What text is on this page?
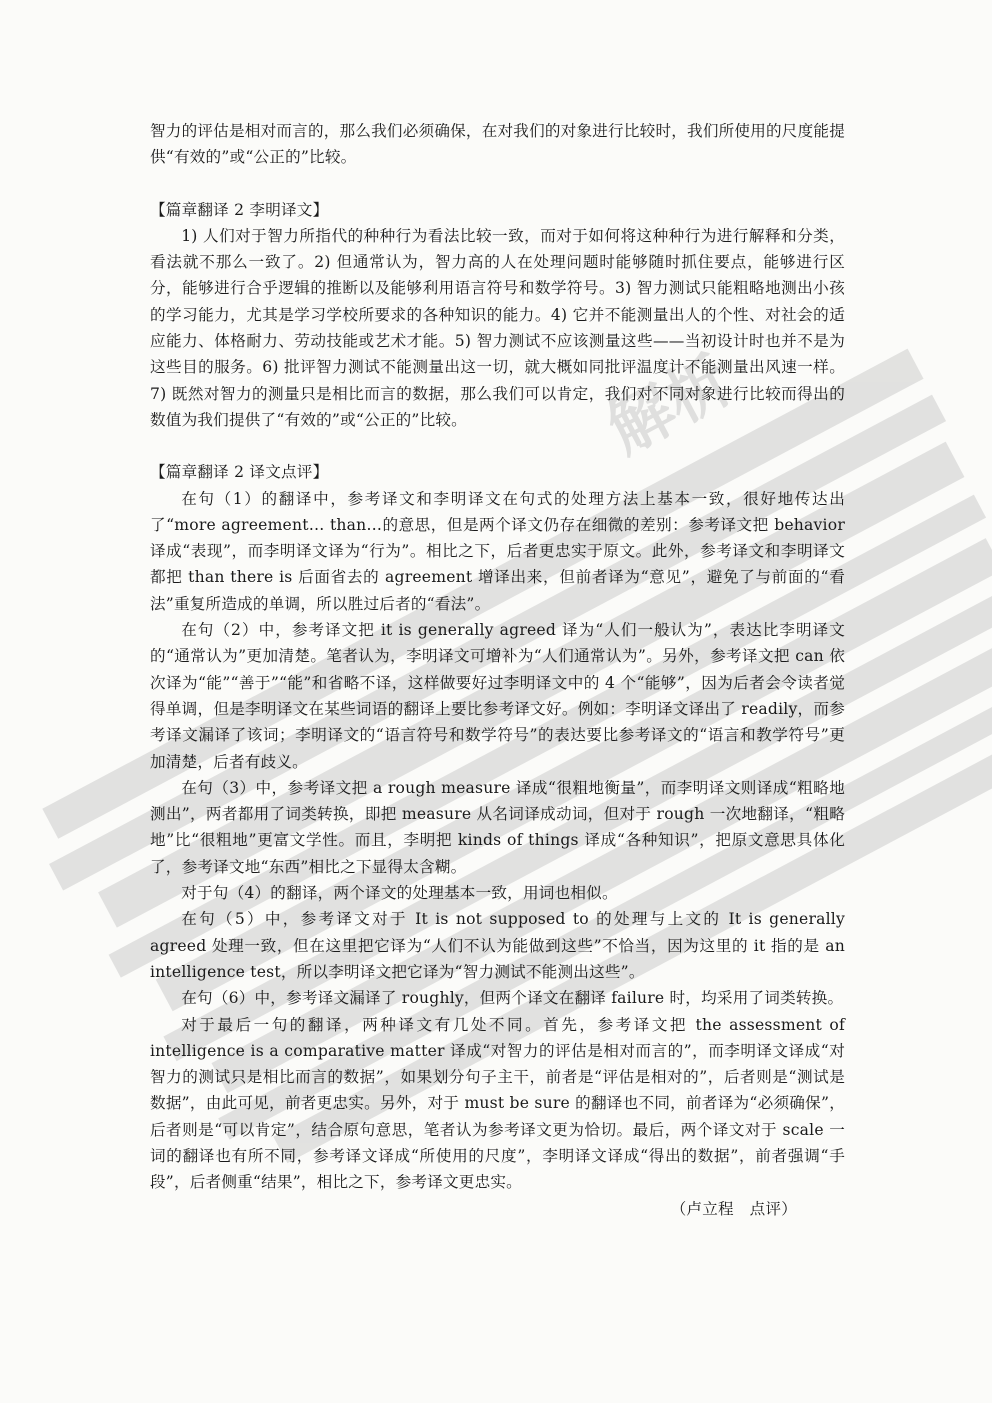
解析

智力的评估是相对而言的，那么我们必须确保，在对我们的对象进行比较时，我们所使用的尺度能提供“有效的”或“公正的”比较。

【篇章翻译 2 李明译文】

1) 人们对于智力所指代的种种行为看法比较一致，而对于如何将这种种行为进行解释和分类，看法就不那么一致了。2) 但通常认为，智力高的人在处理问题时能够随时抓住要点，能够进行区分，能够进行合乎逻辑的推断以及能够利用语言符号和数学符号。3) 智力测试只能粗略地测出小孩的学习能力，尤其是学习学校所要求的各种知识的能力。4) 它并不能测量出人的个性、对社会的适应能力、体格耐力、劳动技能或艺术才能。5) 智力测试不应该测量这些——当初设计时也并不是为这些目的服务。6) 批评智力测试不能测量出这一切，就大概如同批评温度计不能测量出风速一样。7) 既然对智力的测量只是相比而言的数据，那么我们可以肯定，我们对不同对象进行比较而得出的数值为我们提供了“有效的”或“公正的”比较。

【篇章翻译 2 译文点评】

在句（1）的翻译中，参考译文和李明译文在句式的处理方法上基本一致，很好地传达出了“more agreement… than…的意思，但是两个译文仍存在细微的差别：参考译文把 behavior 译成“表现”，而李明译文译为“行为”。相比之下，后者更忠实于原文。此外，参考译文和李明译文都把 than there is 后面省去的 agreement 增译出来，但前者译为“意见”，避免了与前面的“看法”重复所造成的单调，所以胜过后者的“看法”。

在句（2）中，参考译文把 it is generally agreed 译为“人们一般认为”，表达比李明译文的“通常认为”更加清楚。笔者认为，李明译文可增补为“人们通常认为”。另外，参考译文把 can 依次译为“能”“善于”“能”和省略不译，这样做要好过李明译文中的 4 个“能够”，因为后者会令读者觉得单调，但是李明译文在某些词语的翻译上要比参考译文好。例如：李明译文译出了 readily，而参考译文漏译了该词；李明译文的“语言符号和数学符号”的表达要比参考译文的“语言和教学符号”更加清楚，后者有歧义。

在句（3）中，参考译文把 a rough measure 译成“很粗地衡量”，而李明译文则译成“粗略地测出”，两者都用了词类转换，即把 measure 从名词译成动词，但对于 rough 一次地翻译，“粗略地”比“很粗地”更富文学性。而且，李明把 kinds of things 译成“各种知识”，把原文意思具体化了，参考译文地“东西”相比之下显得太含糊。

对于句（4）的翻译，两个译文的处理基本一致，用词也相似。

在句（5）中，参考译文对于 It is not supposed to 的处理与上文的 It is generally agreed 处理一致，但在这里把它译为“人们不认为能做到这些”不恰当，因为这里的 it 指的是 an intelligence test，所以李明译文把它译为“智力测试不能测出这些”。

在句（6）中，参考译文漏译了 roughly，但两个译文在翻译 failure 时，均采用了词类转换。

对于最后一句的翻译，两种译文有几处不同。首先，参考译文把 the assessment of intelligence is a comparative matter 译成“对智力的评估是相对而言的”，而李明译文译成“对智力的测试只是相比而言的数据”，如果划分句子主干，前者是“评估是相对的”，后者则是“测试是数据”，由此可见，前者更忠实。另外，对于 must be sure 的翻译也不同，前者译为“必须确保”，后者则是“可以肯定”，结合原句意思，笔者认为参考译文更为恰切。最后，两个译文对于 scale 一词的翻译也有所不同，参考译文译成“所使用的尺度”，李明译文译成“得出的数据”，前者强调“手段”，后者侧重“结果”，相比之下，参考译文更忠实。

（卢立程　点评）
